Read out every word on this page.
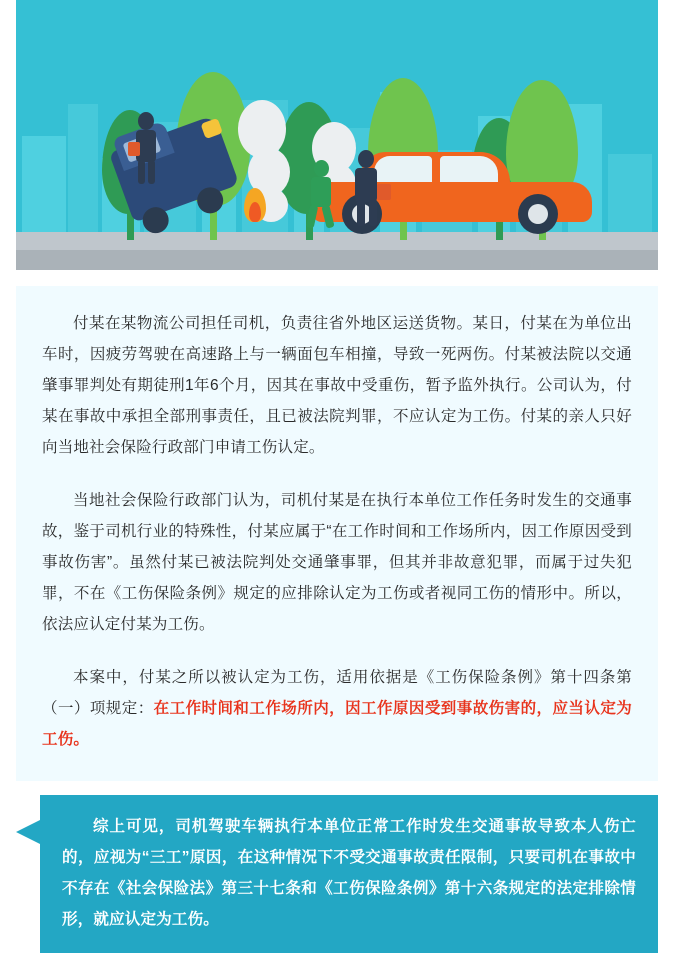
付某在某物流公司担任司机，负责往省外地区运送货物。某日，付某在为单位出车时，因疲劳驾驶在高速路上与一辆面包车相撞，导致一死两伤。付某被法院以交通肇事罪判处有期徒刑1年6个月，因其在事故中受重伤，暂予监外执行。公司认为，付某在事故中承担全部刑事责任，且已被法院判罪，不应认定为工伤。付某的亲人只好向当地社会保险行政部门申请工伤认定。

当地社会保险行政部门认为，司机付某是在执行本单位工作任务时发生的交通事故，鉴于司机行业的特殊性，付某应属于“在工作时间和工作场所内，因工作原因受到事故伤害”。虽然付某已被法院判处交通肇事罪，但其并非故意犯罪，而属于过失犯罪，不在《工伤保险条例》规定的应排除认定为工伤或者视同工伤的情形中。所以，依法应认定付某为工伤。

本案中，付某之所以被认定为工伤，适用依据是《工伤保险条例》第十四条第（一）项规定：在工作时间和工作场所内，因工作原因受到事故伤害的，应当认定为工伤。

综上可见，司机驾驶车辆执行本单位正常工作时发生交通事故导致本人伤亡的，应视为“三工”原因，在这种情况下不受交通事故责任限制，只要司机在事故中不存在《社会保险法》第三十七条和《工伤保险条例》第十六条规定的法定排除情形，就应认定为工伤。
